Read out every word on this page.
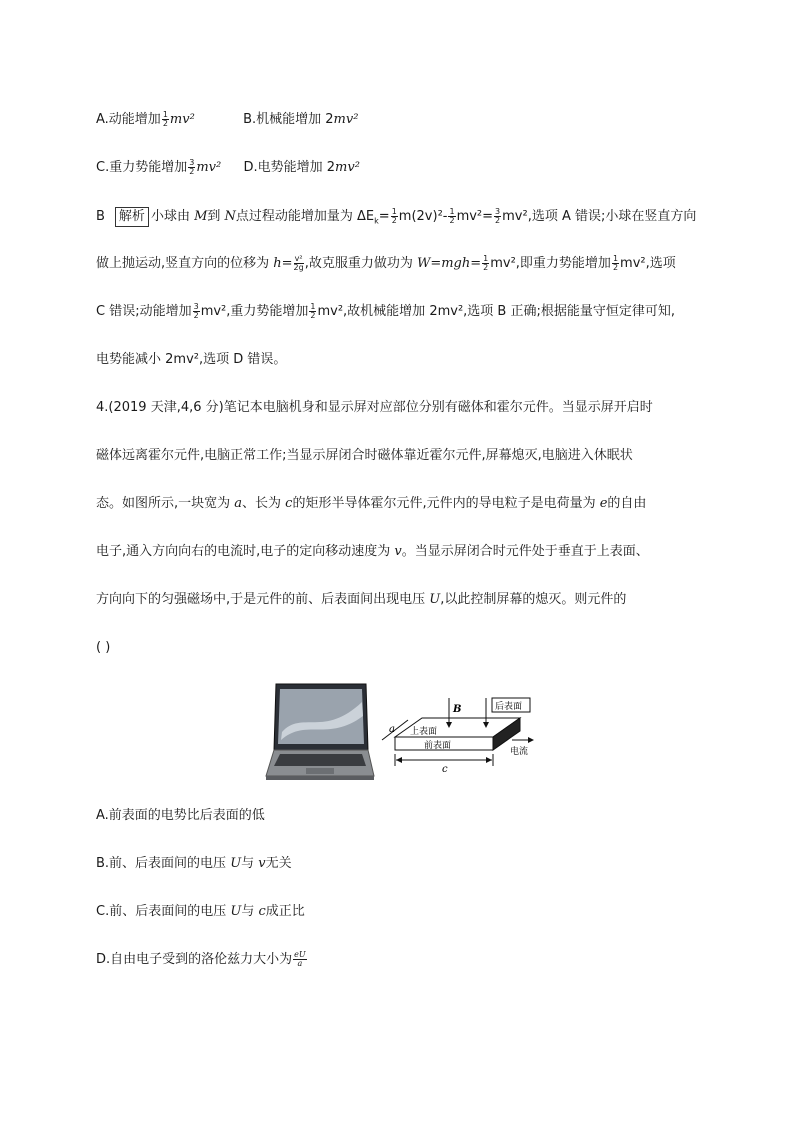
A.动能增加 $\frac{1}{2} mv^2$	B.机械能增加 2mv²
C.重力势能增加 $\frac{3}{2} mv^2$ D.电势能增加 2mv²
B 解析 小球由 M到 N点过程动能增加量为 $\Delta E_k= \frac{1}{2} m(2v)^2- \frac{1}{2} mv^2= \frac{3}{2} mv^2$,选项 A 错误;小球在竖直方向
做上抛运动,竖直方向的位移为 $h= \frac{\text{v²}}{2g}$ ,故克服重力做功为 $W=mgh= \frac{1}{2} mv^2$,即重力势能增加 $\frac{1}{2} mv^2$,选项
C 错误;动能增加 $\frac{3}{2} mv^2$,重力势能增加 $\frac{1}{2} mv^2$,故机械能增加 2mv²,选项 B 正确;根据能量守恒定律可知,
电势能减小 2mv²,选项 D 错误。
4.(2019 天津,4,6 分)笔记本电脑机身和显示屏对应部位分别有磁体和霍尔元件。当显示屏开启时
磁体远离霍尔元件,电脑正常工作;当显示屏闭合时磁体靠近霍尔元件,屏幕熄灭,电脑进入休眠状
态。如图所示,一块宽为 a、长为 c的矩形半导体霍尔元件,元件内的导电粒子是电荷量为 e的自由
电子,通入方向向右的电流时,电子的定向移动速度为 v。当显示屏闭合时元件处于垂直于上表面、
方向向下的匀强磁场中,于是元件的前、后表面间出现电压 U,以此控制屏幕的熄灭。则元件的
( )
B	后表面
上表面
前表面
a
c
电流
A.前表面的电势比后表面的低
B.前、后表面间的电压 U与 v无关
C.前、后表面间的电压 U与 c成正比
D.自由电子受到的洛伦兹力大小为 $\frac{eU}{a}$
